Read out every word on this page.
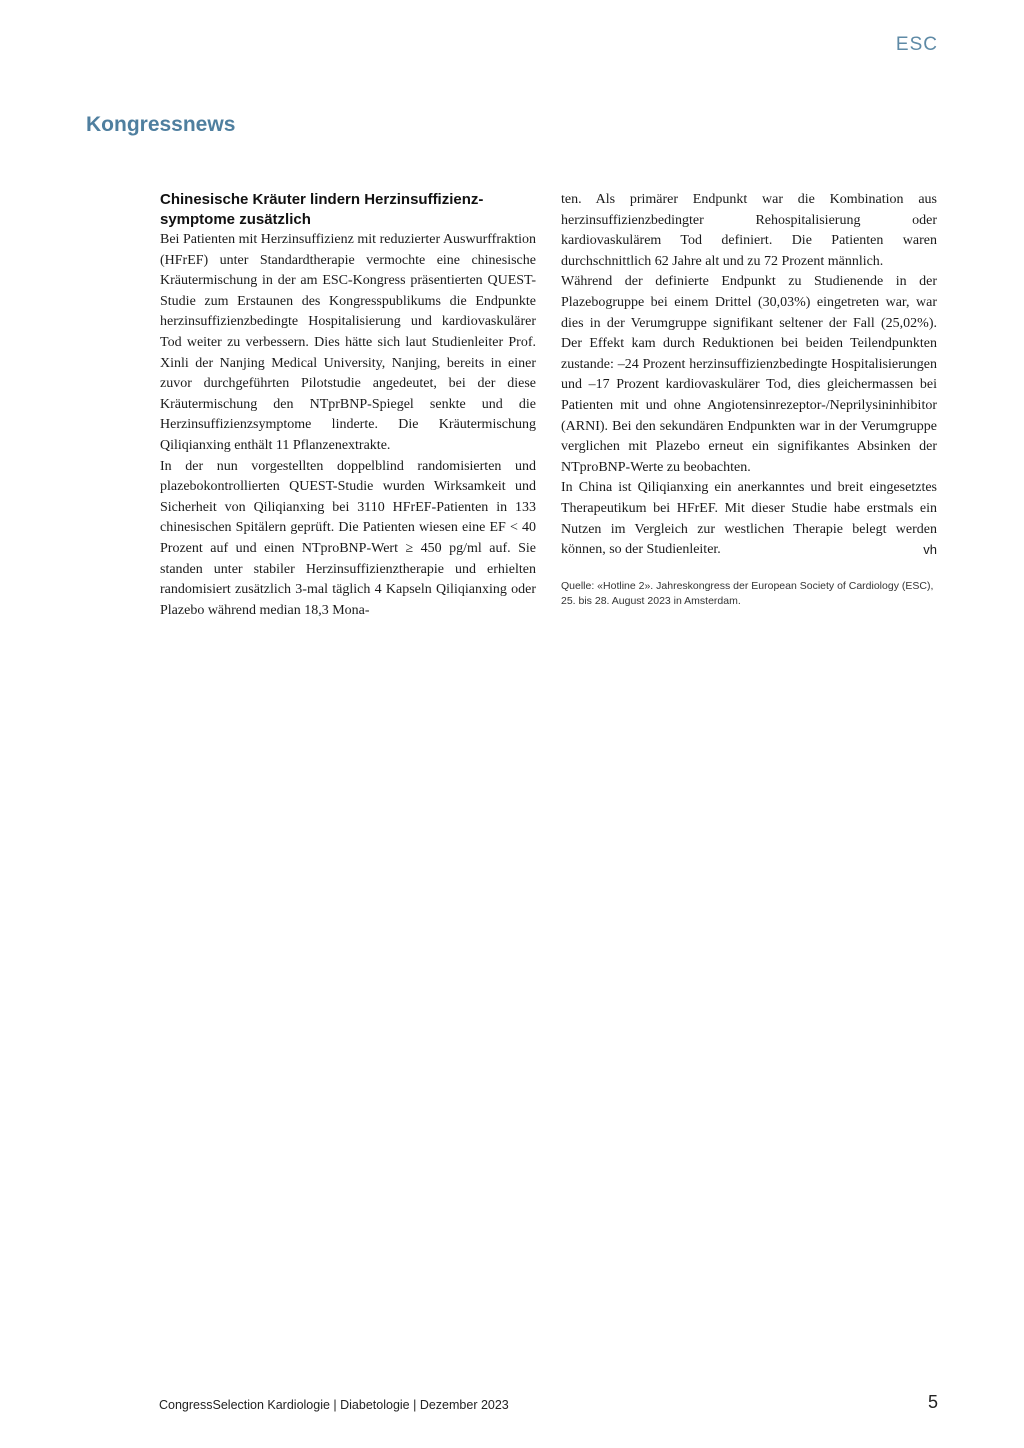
ESC
Kongressnews
Chinesische Kräuter lindern Herzinsuffizienzsymptome zusätzlich

Bei Patienten mit Herzinsuffizienz mit reduzierter Auswurffraktion (HFrEF) unter Standardtherapie vermochte eine chinesische Kräutermischung in der am ESC-Kongress präsentierten QUEST-Studie zum Erstaunen des Kongresspublikums die Endpunkte herzinsuffizienzbedingte Hospitalisierung und kardiovaskulärer Tod weiter zu verbessern. Dies hätte sich laut Studienleiter Prof. Xinli der Nanjing Medical University, Nanjing, bereits in einer zuvor durchgeführten Pilotstudie angedeutet, bei der diese Kräutermischung den NTprBNP-Spiegel senkte und die Herzinsuffizienzsymptome linderte. Die Kräutermischung Qiliqianxing enthält 11 Pflanzenextrakte.

In der nun vorgestellten doppelblind randomisierten und plazebokontrollierten QUEST-Studie wurden Wirksamkeit und Sicherheit von Qiliqianxing bei 3110 HFrEF-Patienten in 133 chinesischen Spitälern geprüft. Die Patienten wiesen eine EF < 40 Prozent auf und einen NTproBNP-Wert ≥ 450 pg/ml auf. Sie standen unter stabiler Herzinsuffizienztherapie und erhielten randomisiert zusätzlich 3-mal täglich 4 Kapseln Qiliqianxing oder Plazebo während median 18,3 Mona-

ten. Als primärer Endpunkt war die Kombination aus herzinsuffizienzbedingter Rehospitalisierung oder kardiovaskulärem Tod definiert. Die Patienten waren durchschnittlich 62 Jahre alt und zu 72 Prozent männlich.

Während der definierte Endpunkt zu Studienende in der Plazebogruppe bei einem Drittel (30,03%) eingetreten war, war dies in der Verumgruppe signifikant seltener der Fall (25,02%). Der Effekt kam durch Reduktionen bei beiden Teilendpunkten zustande: –24 Prozent herzinsuffizienzbedingte Hospitalisierungen und –17 Prozent kardiovaskulärer Tod, dies gleichermassen bei Patienten mit und ohne Angiotensinrezeptor-/Neprilysininhibitor (ARNI). Bei den sekundären Endpunkten war in der Verumgruppe verglichen mit Plazebo erneut ein signifikantes Absinken der NTproBNP-Werte zu beobachten.

In China ist Qiliqianxing ein anerkanntes und breit eingesetztes Therapeutikum bei HFrEF. Mit dieser Studie habe erstmals ein Nutzen im Vergleich zur westlichen Therapie belegt werden können, so der Studienleiter.	vh

Quelle: «Hotline 2». Jahreskongress der European Society of Cardiology (ESC), 25. bis 28. August 2023 in Amsterdam.

CongressSelection Kardiologie | Diabetologie | Dezember 2023	5
